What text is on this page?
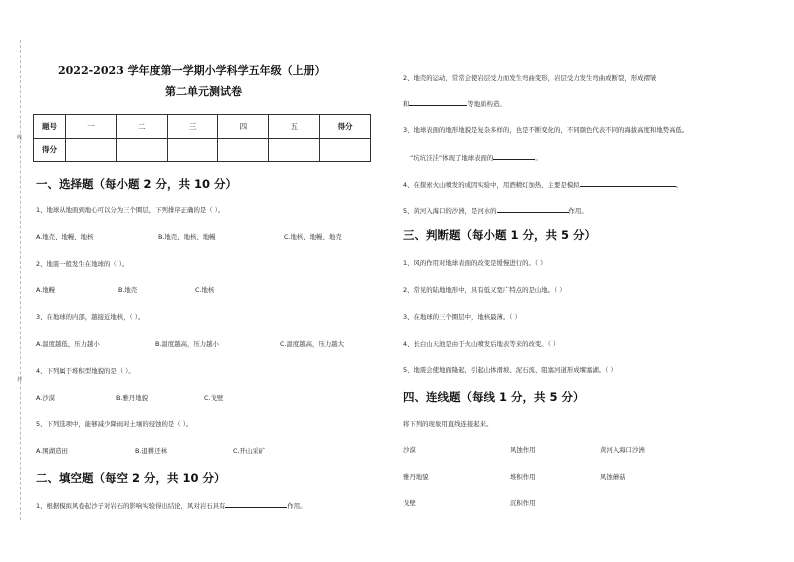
线
封
2022-2023 学年度第一学期小学科学五年级（上册）
第二单元测试卷
题号	一	二	三	四	五	得分
得分						
一、选择题（每小题 2 分，共 10 分）
1、地球从地面到地心可以分为三个圈层，下列排序正确的是（ ）。
A.地壳、地幔、地核	B.地壳、地核、地幔	C.地核、地幔、地壳
2、地震一般发生在地球的（ ）。
A.地幔	B.地壳	C.地核
3、在地球的内部，越接近地核，（ ）。
A.温度越低，压力越小	B.温度越高，压力越小	C.温度越高，压力越大
4、下列属于堆积型地貌的是（ ）。
A.沙漠	B.雅丹地貌	C.戈壁
5、下列选项中，能够减少降雨对土壤的侵蚀的是（ ）。
A.围湖造田	B.退耕还林	C.开山采矿
二、填空题（每空 2 分，共 10 分）
1、根据模拟风卷起沙子对岩石的影响实验得出结论，风对岩石具有	作用。
2、地壳的运动，常常会使岩层受力而发生弯曲变形，岩层受力发生弯曲或断裂，形成褶皱
和	等地质构造。
3、地球表面的地形地貌是复杂多样的，也是不断变化的，不同颜色代表不同的海拔高度和地势高低。
“坑坑洼洼”体现了地球表面的	。
4、在探索火山喷发的成因实验中，用酒精灯加热，主要是模拟	。
5、黄河入海口的沙洲，是河水的	作用。
三、判断题（每小题 1 分，共 5 分）
1、风的作用对地球表面的改变是缓慢进行的。（ ）
2、常见的陆地地形中，具有低又宽广特点的是山地。（ ）
3、在地球的三个圈层中，地核最薄。（ ）
4、长白山天池是由于火山喷发后地表等来的改变。（ ）
5、地震会使地面隆起，引起山体滑坡、泥石流、阻塞河道形成堰塞湖。（ ）
四、连线题（每线 1 分，共 5 分）
将下列的现象用直线连接起来。
沙漠
雅丹地貌
戈壁
风蚀作用
堆积作用
沉积作用
黄河入海口沙洲
风蚀蘑菇
